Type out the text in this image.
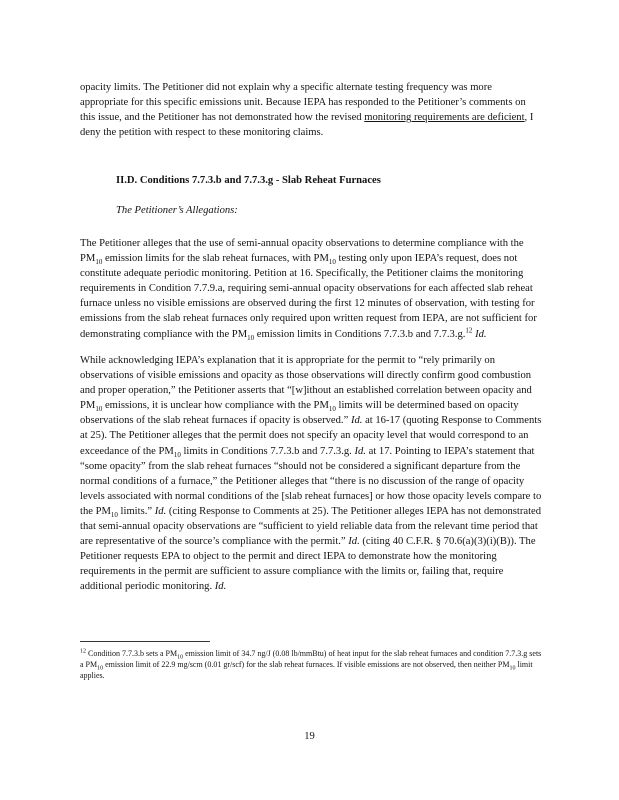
opacity limits. The Petitioner did not explain why a specific alternate testing frequency was more appropriate for this specific emissions unit. Because IEPA has responded to the Petitioner’s comments on this issue, and the Petitioner has not demonstrated how the revised monitoring requirements are deficient, I deny the petition with respect to these monitoring claims.

II.D. Conditions 7.7.3.b and 7.7.3.g - Slab Reheat Furnaces
The Petitioner’s Allegations:

The Petitioner alleges that the use of semi-annual opacity observations to determine compliance with the $PM_{10}$ emission limits for the slab reheat furnaces, with $PM_{10}$ testing only upon IEPA’s request, does not constitute adequate periodic monitoring. Petition at 16. Specifically, the Petitioner claims the monitoring requirements in Condition 7.7.9.a, requiring semi-annual opacity observations for each affected slab reheat furnace unless no visible emissions are observed during the first 12 minutes of observation, with testing for emissions from the slab reheat furnaces only required upon written request from IEPA, are not sufficient for demonstrating compliance with the $PM_{10}$ emission limits in Conditions 7.7.3.b and 7.7.3.g.$^{12}$ Id.

While acknowledging IEPA’s explanation that it is appropriate for the permit to “rely primarily on observations of visible emissions and opacity as those observations will directly confirm good combustion and proper operation,” the Petitioner asserts that “[w]ithout an established correlation between opacity and $PM_{10}$ emissions, it is unclear how compliance with the $PM_{10}$ limits will be determined based on opacity observations of the slab reheat furnaces if opacity is observed.” Id. at 16-17 (quoting Response to Comments at 25). The Petitioner alleges that the permit does not specify an opacity level that would correspond to an exceedance of the $PM_{10}$ limits in Conditions 7.7.3.b and 7.7.3.g. Id. at 17. Pointing to IEPA’s statement that “some opacity” from the slab reheat furnaces “should not be considered a significant departure from the normal conditions of a furnace,” the Petitioner alleges that “there is no discussion of the range of opacity levels associated with normal conditions of the [slab reheat furnaces] or how those opacity levels compare to the $PM_{10}$ limits.” Id. (citing Response to Comments at 25). The Petitioner alleges IEPA has not demonstrated that semi-annual opacity observations are “sufficient to yield reliable data from the relevant time period that are representative of the source’s compliance with the permit.” Id. (citing 40 C.F.R. § 70.6(a)(3)(i)(B)). The Petitioner requests EPA to object to the permit and direct IEPA to demonstrate how the monitoring requirements in the permit are sufficient to assure compliance with the limits or, failing that, require additional periodic monitoring. Id.

$^{12}$ Condition 7.7.3.b sets a $PM_{10}$ emission limit of 34.7 ng/J (0.08 lb/mmBtu) of heat input for the slab reheat furnaces and condition 7.7.3.g sets a $PM_{10}$ emission limit of 22.9 mg/scm (0.01 gr/scf) for the slab reheat furnaces. If visible emissions are not observed, then neither $PM_{10}$ limit applies.

19
